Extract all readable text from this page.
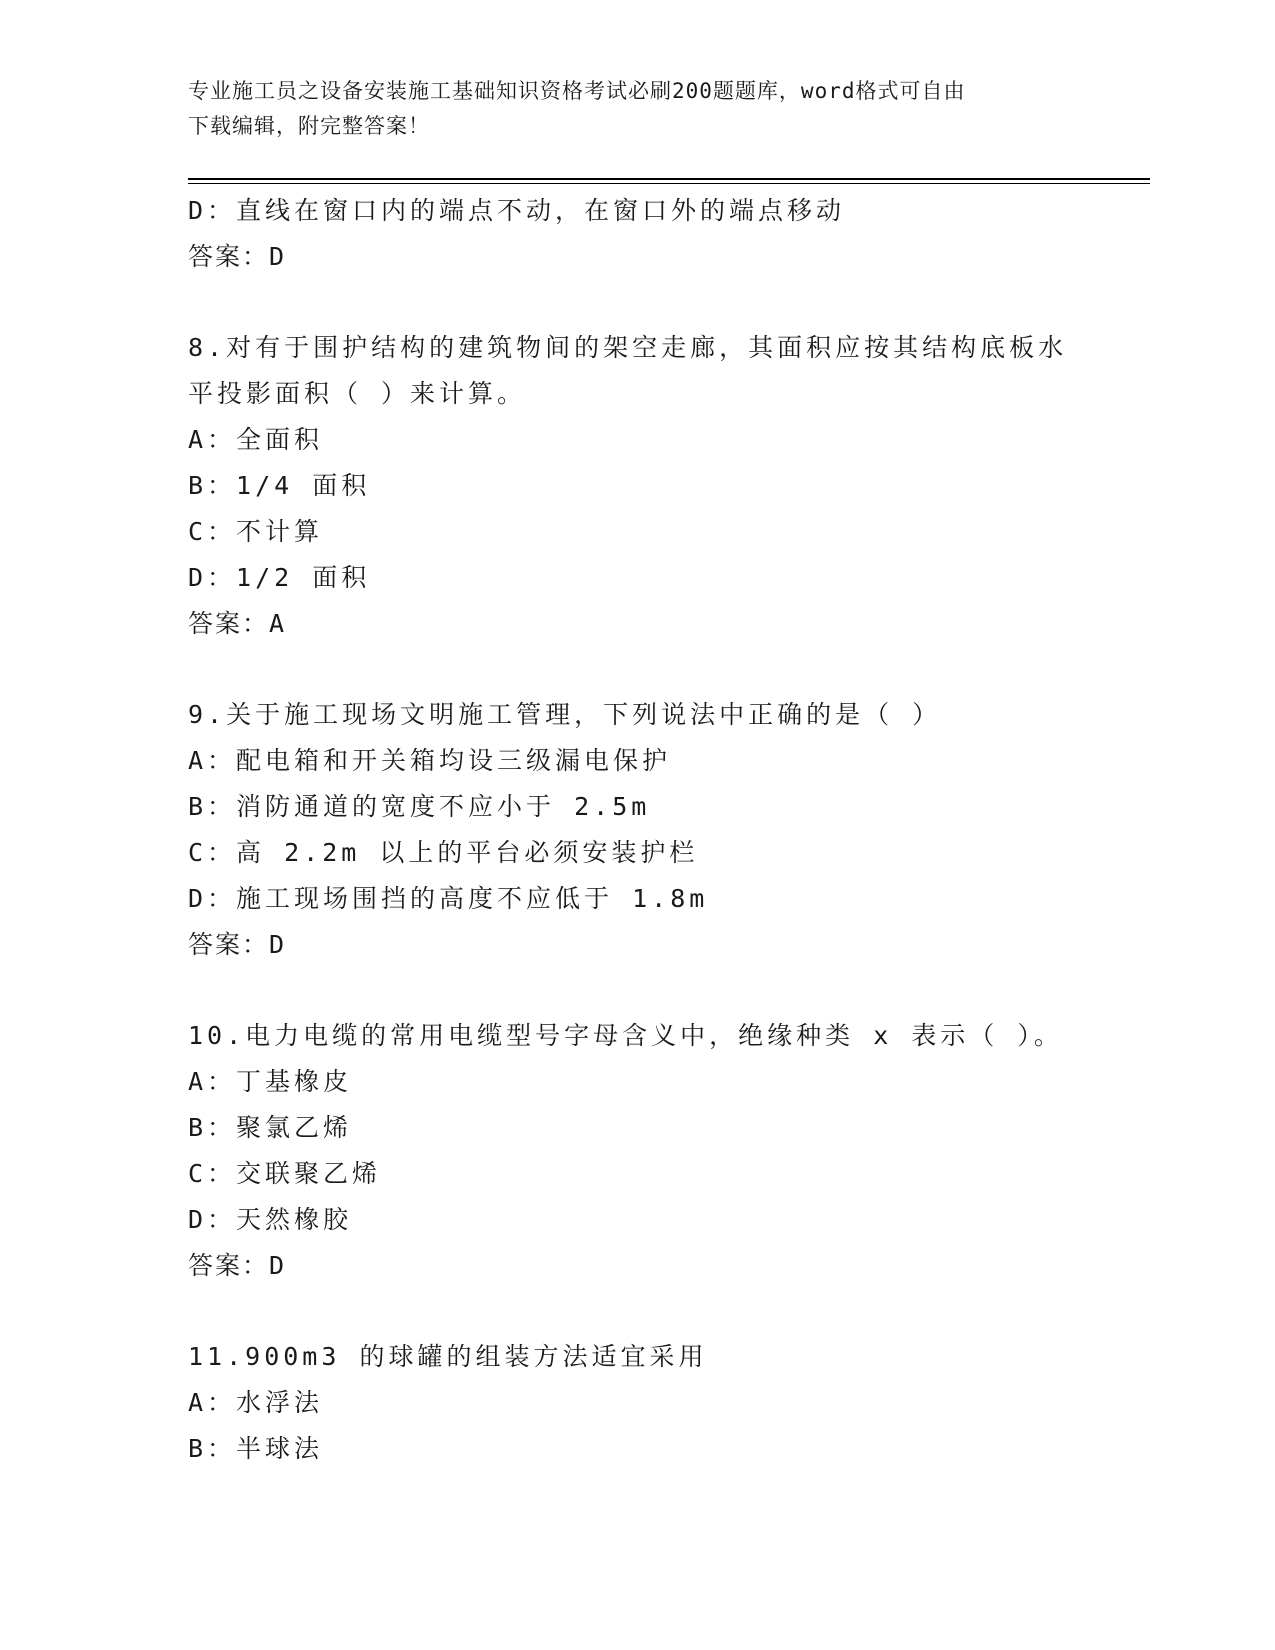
专业施工员之设备安装施工基础知识资格考试必刷200题题库，word格式可自由
下载编辑，附完整答案！
D：直线在窗口内的端点不动，在窗口外的端点移动
答案：D
8.对有于围护结构的建筑物间的架空走廊，其面积应按其结构底板水
平投影面积（ ）来计算。
A：全面积
B：1/4 面积
C：不计算
D：1/2 面积
答案：A
9.关于施工现场文明施工管理，下列说法中正确的是（ ）
A：配电箱和开关箱均设三级漏电保护
B：消防通道的宽度不应小于 2.5m
C：高 2.2m 以上的平台必须安装护栏
D：施工现场围挡的高度不应低于 1.8m
答案：D
10.电力电缆的常用电缆型号字母含义中，绝缘种类 x 表示（ ）。
A：丁基橡皮
B：聚氯乙烯
C：交联聚乙烯
D：天然橡胶
答案：D
11.900m3 的球罐的组装方法适宜采用
A：水浮法
B：半球法
